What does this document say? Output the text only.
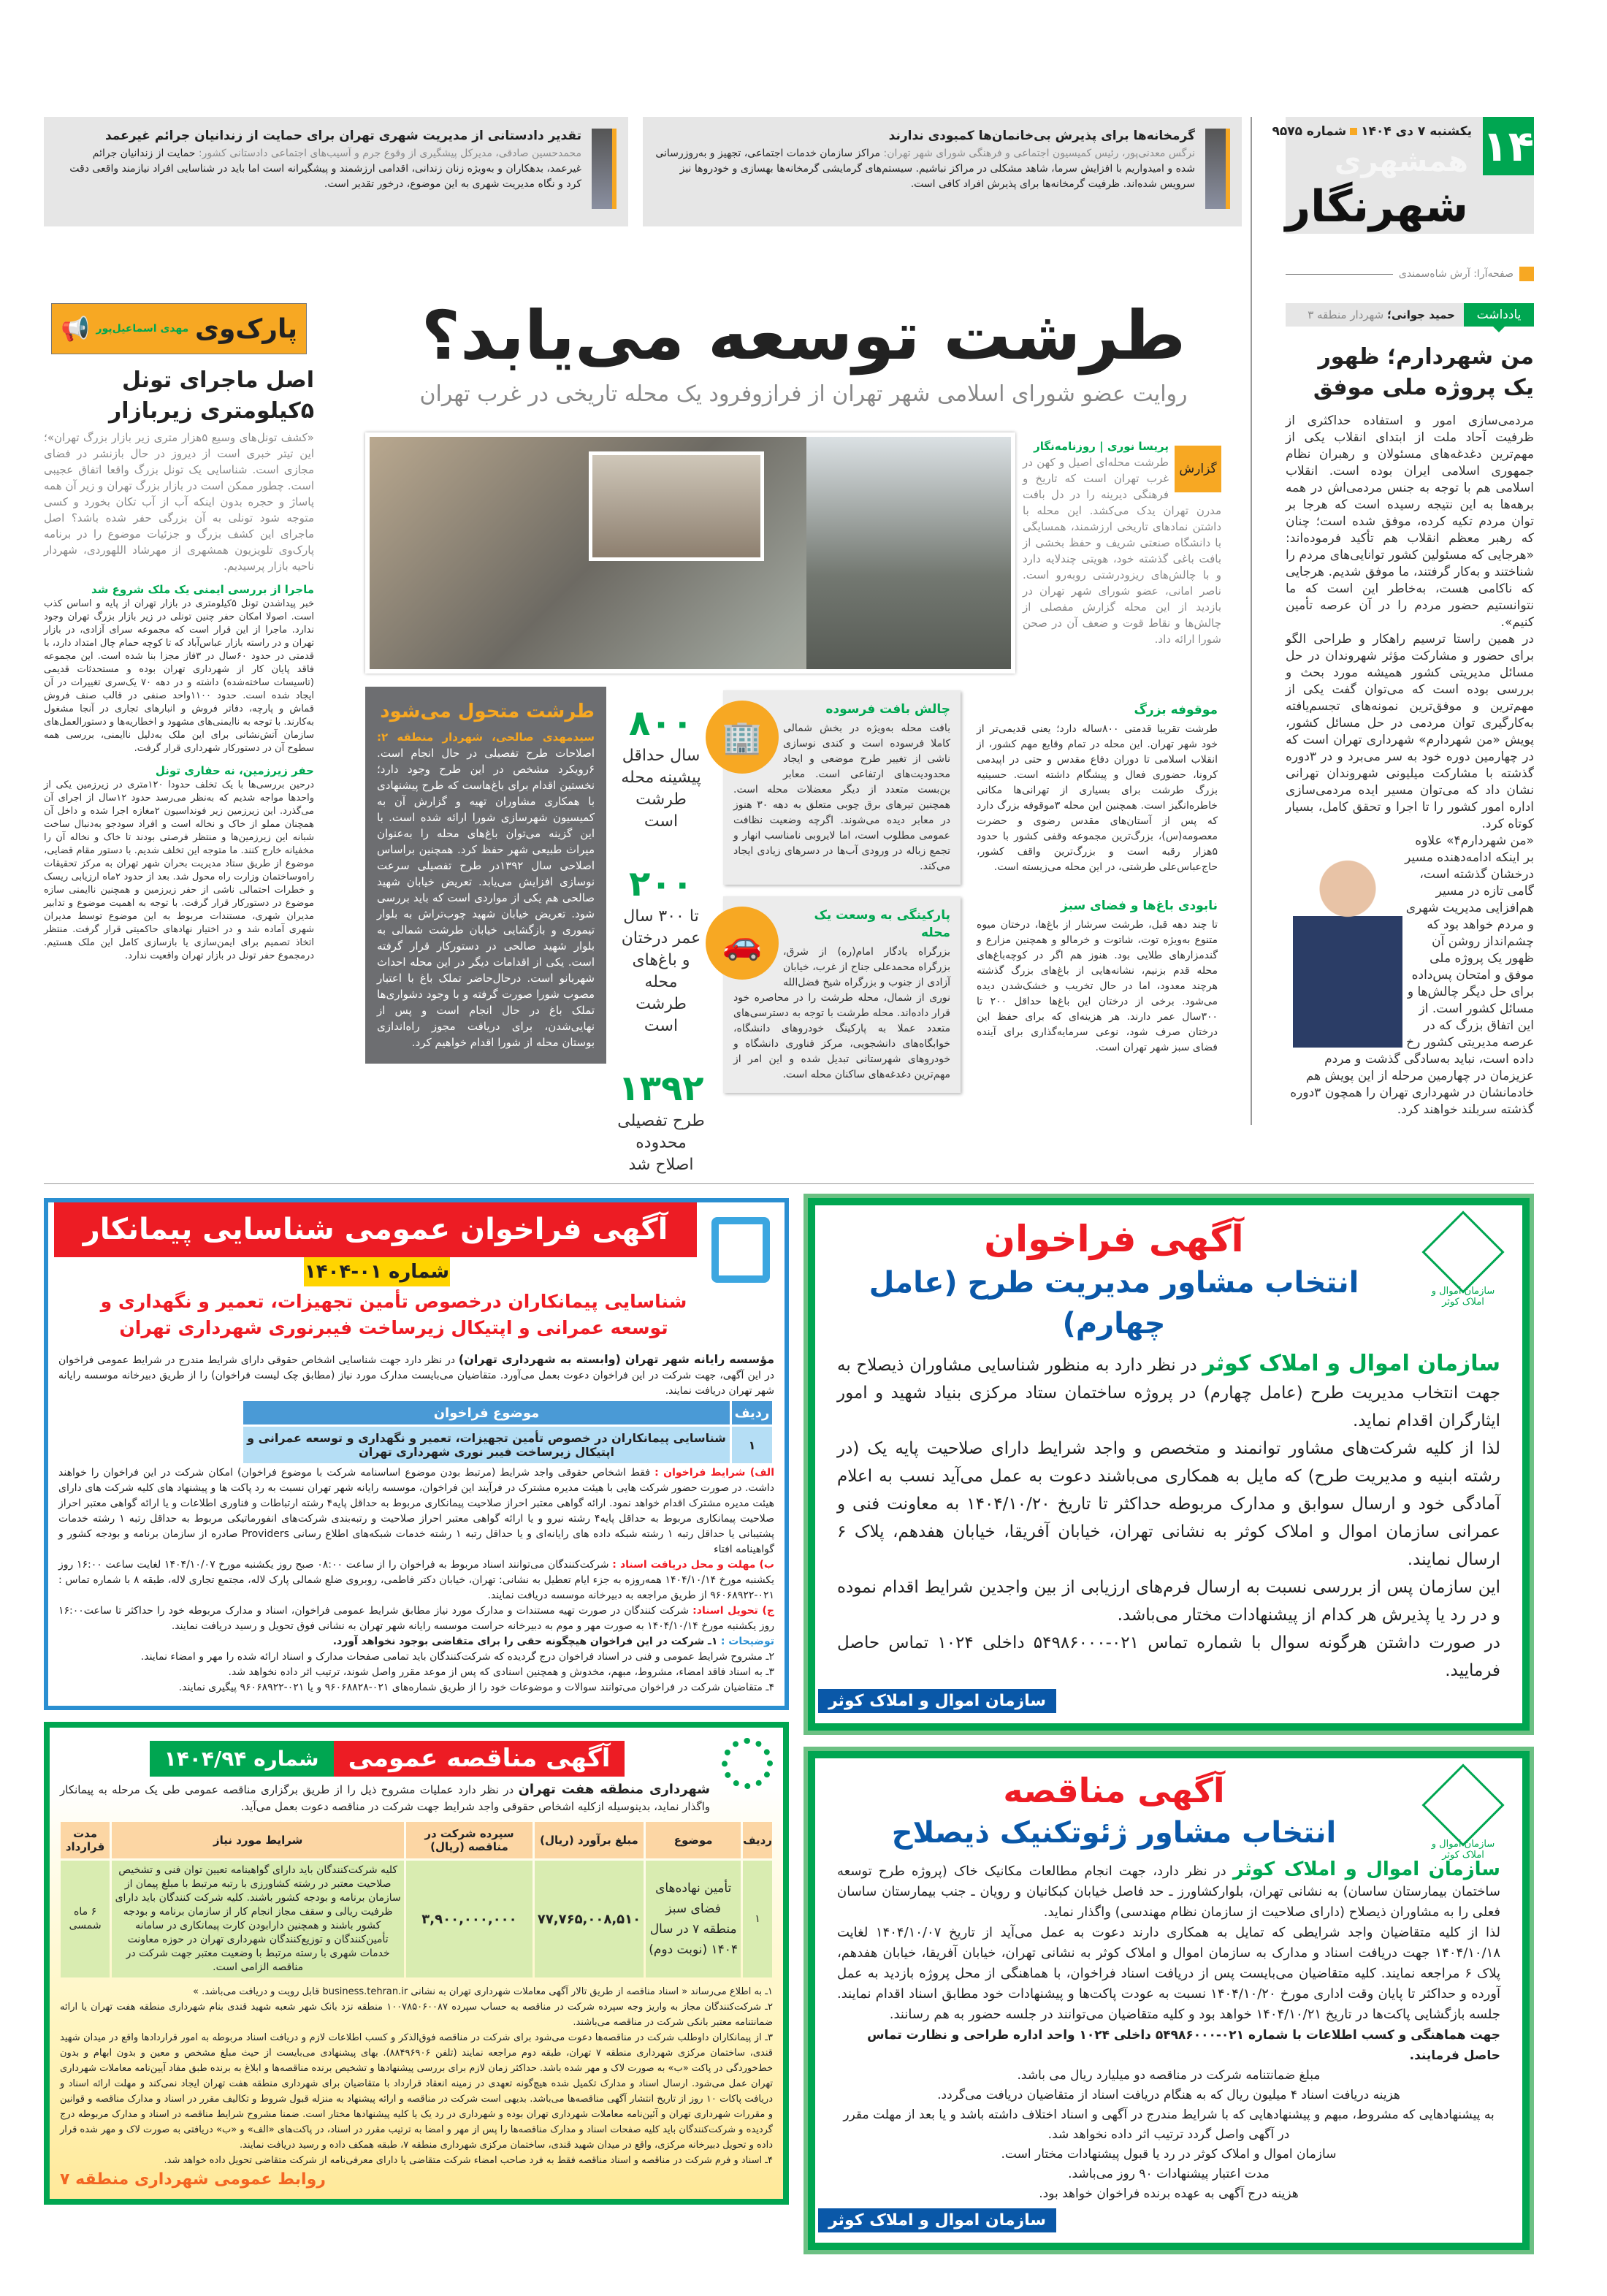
۱۴
یکشنبه ۷ دی ۱۴۰۴شماره ۹۵۷۵
همشهری
شهرنگار
صفحه‌آرا: آرش شاه‌سمندی
گرمخانه‌ها برای پذیرش بی‌خانمان‌ها کمبودی ندارند

نرگس معدنی‌پور، رئیس کمیسیون اجتماعی و فرهنگی شورای شهر تهران: مراکز سازمان خدمات اجتماعی، تجهیز و به‌روزرسانی شده و امیدواریم با افزایش سرما، شاهد مشکلی در مراکز نباشیم. سیستم‌های گرمایشی گرمخانه‌ها بهسازی و خودروها نیز سرویس شده‌اند. ظرفیت گرمخانه‌ها برای پذیرش افراد کافی است.

تقدیر دادستانی از مدیریت شهری تهران برای حمایت از زندانیان جرائم غیرعمد

محمدحسین صادقی، مدیرکل پیشگیری از وقوع جرم و آسیب‌های اجتماعی دادستانی کشور: حمایت از زندانیان جرائم غیرعمد، بدهکاران و به‌ویژه زنان زندانی، اقدامی ارزشمند و پیشگیرانه است اما باید در شناسایی افراد نیازمند واقعی دقت کرد و نگاه مدیریت شهری به این موضوع، درخور تقدیر است.

یادداشت
حمید جوانی؛ شهردار منطقه ۳
من شهردارم؛ ظهور یک پروژه ملی موفق

مردمی‌سازی امور و استفاده حداکثری از ظرفیت آحاد ملت از ابتدای انقلاب یکی از مهم‌ترین دغدغه‌های مسئولان و رهبران نظام جمهوری اسلامی ایران بوده است. انقلاب اسلامی هم با توجه به جنس مردمی‌اش در همه برهه‌ها به این نتیجه رسیده است که هرجا بر توان مردم تکیه کرده، موفق شده است؛ چنان که رهبر معظم انقلاب هم تأکید فرموده‌اند: «هرجایی که مسئولین کشور توانایی‌های مردم را شناختند و به‌کار گرفتند، ما موفق شدیم. هرجایی که ناکامی هست، به‌خاطر این است که ما نتوانستیم حضور مردم را در آن عرصه تأمین کنیم».

در همین راستا ترسیم راهکار و طراحی الگو برای حضور و مشارکت مؤثر شهروندان در حل مسائل مدیریتی کشور همیشه مورد بحث و بررسی بوده است که می‌توان گفت یکی از مهم‌ترین و موفق‌ترین نمونه‌های تجسم‌یافته به‌کارگیری توان مردمی در حل مسائل کشور، پویش «من شهردارم» شهرداری تهران است که در چهارمین دوره خود به سر می‌برد و در ۳دوره گذشته با مشارکت میلیونی شهروندان تهرانی نشان داد که می‌توان مسیر ایده مردمی‌سازی اداره امور کشور را تا اجرا و تحقق کامل، بسیار کوتاه کرد.

«من شهردارم۴» علاوه بر اینکه ادامه‌دهنده مسیر درخشان گذشته است، گامی تازه در مسیر هم‌افزایی مدیریت شهری و مردم خواهد بود که چشم‌انداز روشن آن ظهور یک پروژه ملی موفق و امتحان پس‌داده برای حل دیگر چالش‌ها و مسائل کشور است. از این اتفاق بزرگ که در عرصه مدیریتی کشور رخ داده است، نباید به‌سادگی گذشت و مردم عزیزمان در چهارمین مرحله از این پویش هم خادمانشان در شهرداری تهران را همچون ۳دوره گذشته سربلند خواهند کرد.

طرشت توسعه می‌یابد؟
روایت عضو شورای اسلامی شهر تهران از فرازوفرود یک محله تاریخی در غرب تهران
گزارش
پریسا نوری | روزنامه‌نگار

طرشت محله‌ای اصیل و کهن در غرب تهران است که تاریخ و فرهنگی دیرینه را در دل بافت مدرن تهران یدک می‌کشد. این محله با داشتن نمادهای تاریخی ارزشمند، همسایگی با دانشگاه صنعتی شریف و حفظ بخشی از بافت باغی گذشته خود، هویتی چندلایه دارد و با چالش‌های ریزودرشتی روبه‌رو است. ناصر امانی، عضو شورای شهر تهران در بازدید از این محله گزارش مفصلی از چالش‌ها و نقاط قوت و ضعف آن در صحن شورا ارائه داد.

۸۰۰
سال حداقل پیشینه محله طرشت است
۲۰۰
تا ۳۰۰ سال عمر درختان و باغ‌های محله طرشت است
۱۳۹۲
طرح تفصیلی محدوده اصلاح شد
🏢
چالش بافت فرسوده

بافت محله به‌ویژه در بخش شمالی کاملا فرسوده است و کندی نوسازی ناشی از تغییر طرح موضعی و ایجاد محدودیت‌های ارتفاعی است. معابر بن‌بست متعدد از دیگر معضلات محله است. همچنین تیرهای برق چوبی متعلق به دهه ۳۰ هنوز در معابر دیده می‌شوند. اگرچه وضعیت نظافت عمومی مطلوب است، اما لایروبی نامناسب انهار و تجمع زباله در ورودی آب‌ها در دسرهای زیادی ایجاد می‌کند.

🚗
پارکینگی به وسعت یک محله

بزرگراه یادگار امام(ره) از شرق، بزرگراه محمدعلی جناح از غرب، خیابان آزادی از جنوب و بزرگراه شیخ فضل‌الله نوری از شمال، محله طرشت را در محاصره خود قرار داده‌اند. محله طرشت با توجه به دسترسی‌های متعدد عملا به پارکینگ خودروهای دانشگاه، خوابگاه‌های دانشجویی، مرکز فناوری دانشگاه و خودروهای شهرستانی تبدیل شده و این امر از مهم‌ترین دغدغه‌های ساکنان محله است.

موقوفه بزرگ

طرشت تقریبا قدمتی ۸۰۰ساله دارد؛ یعنی قدیمی‌تر از خود شهر تهران. این محله در تمام وقایع مهم کشور، از انقلاب اسلامی تا دوران دفاع مقدس و حتی در اپیدمی کرونا، حضوری فعال و پیشگام داشته است. حسینیه بزرگ طرشت برای بسیاری از تهرانی‌ها مکانی خاطره‌انگیز است. همچنین این محله ۳موقوفه بزرگ دارد که پس از آستان‌های مقدس رضوی و حضرت معصومه(س)، بزرگ‌ترین مجموعه وقفی کشور با حدود ۵هزار رقبه است و بزرگ‌ترین واقف کشور، حاج‌عباس‌علی طرشتی، در این محله می‌زیسته است.

نابودی باغ‌ها و فضای سبز

تا چند دهه قبل، طرشت سرشار از باغ‌ها، درختان میوه متنوع به‌ویژه توت، شاتوت و خرمالو و همچنین مزارع و گندمزارهای طلایی بود. هنوز هم اگر در کوچه‌باغ‌های محله قدم بزنیم، نشانه‌هایی از باغ‌های بزرگ گذشته هرچند معدود، اما در حال تخریب و خشک‌شدن دیده می‌شود. برخی از درختان این باغ‌ها حداقل ۲۰۰ تا ۳۰۰سال عمر دارند. هر هزینه‌ای که برای حفظ این درختان صرف شود، نوعی سرمایه‌گذاری برای آینده فضای سبز شهر تهران است.

طرشت متحول می‌شود

سیدمهدی صالحی، شهردار منطقه ۲: اصلاحات طرح تفصیلی در حال انجام است. ۶رویکرد مشخص در این طرح وجود دارد؛ نخستین اقدام برای باغ‌هاست که طرح پیشنهادی با همکاری مشاوران تهیه و گزارش آن به کمیسیون شهرسازی شورا ارائه شده است. با این گزینه می‌توان باغ‌های محله را به‌عنوان میراث طبیعی شهر حفظ کرد. همچنین براساس اصلاحی سال ۱۳۹۲در طرح تفصیلی سرعت نوسازی افزایش می‌یابد. تعریض خیابان شهید صالحی هم یکی از مواردی است که باید بررسی شود. تعریض خیابان شهید چوب‌تراش به بلوار تیموری و بازگشایی خیابان طرشت شمالی به بلوار شهید صالحی در دستورکار قرار گرفته است. یکی از اقدامات دیگر در این محله احداث شهربانو است. درحال‌حاضر تملک باغ با اعتبار مصوب شورا صورت گرفته و با وجود دشواری‌ها تملک باغ در حال انجام است و پس از نهایی‌شدن، برای دریافت مجوز راه‌اندازی بوستان محله از شورا اقدام خواهیم کرد.

پارک‌وی
مهدی اسماعیل‌پور
📢
اصل ماجرای تونل ۵کیلومتری زیربازار

«کشف تونل‌های وسیع ۵هزار متری زیر بازار بزرگ تهران»؛ این تیتر خبری است از دیروز در حال بازنشر در فضای مجازی است. شناسایی یک تونل بزرگ واقعا اتفاق عجیبی است. چطور ممکن است در بازار بزرگ تهران و زیر آن همه پاساژ و حجره بدون اینکه آب از آب تکان بخورد و کسی متوجه شود تونلی به آن بزرگی حفر شده باشد؟ اصل ماجرای این کشف بزرگ و جزئیات موضوع را در برنامه پارک‌وی تلویزیون همشهری از مهرشاد اللهوردی، شهردار ناحیه بازار پرسیدیم.

ماجرا از بررسی ایمنی یک ملک شروع شد

خبر پیداشدن تونل ۵کیلومتری در بازار تهران از پایه و اساس کذب است. اصولا امکان حفر چنین تونلی در زیر بازار بزرگ تهران وجود ندارد. ماجرا از این قرار است که مجموعه سرای آزادی، در بازار تهران و در راسته بازار عباس‌آباد که تا کوچه حمام چال امتداد دارد، با قدمتی در حدود ۶۰سال در ۳فاز مجزا بنا شده است. این مجموعه فاقد پایان کار از شهرداری تهران بوده و مستحدثات قدیمی (تاسیسات ساخته‌شده) داشته و در دهه ۷۰ یک‌سری تغییرات در آن ایجاد شده است. حدود ۱۱۰۰واحد صنفی در قالب صنف فروش قماش و پارچه، دفاتر فروش و انبارهای تجاری در آنجا مشغول به‌کارند. با توجه به ناایمنی‌های مشهود و اخطاریه‌ها و دستورالعمل‌های سازمان آتش‌نشانی برای این ملک به‌دلیل ناایمنی، بررسی همه سطوح آن در دستورکار شهرداری قرار گرفت.

حفر زیرزمین، نه حفاری تونل

درحین بررسی‌ها با یک تخلف حدودا ۱۲۰متری در زیرزمین یکی از واحدها مواجه شدیم که به‌نظر می‌رسد حدود ۱۲سال از اجرای آن می‌گذرد. این زیرزمین زیر فونداسیون ۲مغازه اجرا شده و داخل آن همچنان مملو از خاک و نخاله است و افراد سودجو به‌دنبال ساخت شبانه این زیرزمین‌ها و منتظر فرصتی بودند تا خاک و نخاله آن را مخفیانه خارج کنند. ما متوجه این تخلف شدیم. با دستور مقام قضایی، موضوع از طریق ستاد مدیریت بحران شهر تهران به مرکز تحقیقات راه‌وساختمان وزارت راه محول شد. بعد از حدود ۲ماه ارزیابی ریسک و خطرات احتمالی ناشی از حفر زیرزمین و همچنین ناایمنی سازه موضوع در دستورکار قرار گرفت. با توجه به اهمیت موضوع و تدابیر مدیران شهری، مستندات مربوط به این موضوع توسط مدیران شهری آماده شد و در اختیار نهادهای حاکمیتی قرار گرفت. منتظر اتخاذ تصمیم برای ایمن‌سازی یا بازسازی کامل این ملک هستیم. درمجموع حفر تونل در بازار تهران واقعیت ندارد.

آگهی فراخوان عمومی شناسایی پیمانکار
شماره ۰۱-۱۴۰۴
شناسایی پیمانکاران درخصوص تأمین تجهیزات، تعمیر و نگهداری و توسعه عمرانی و اپتیکال زیرساخت فیبرنوری شهرداری تهران

مؤسسه رایانه شهر تهران (وابسته به شهرداری تهران) در نظر دارد جهت شناسایی اشخاص حقوقی دارای شرایط مندرج در شرایط عمومی فراخوان در این آگهی، جهت شرکت در این فراخوان دعوت بعمل می‌آورد. متقاضیان می‌بایست مدارک مورد نیاز (مطابق چک لیست فراخوان) را از طریق دبیرخانه موسسه رایانه شهر تهران دریافت نمایند.

ردیف	موضوع فراخوان
۱	شناسایی پیمانکاران در خصوص تأمین تجهیزات، تعمیر و نگهداری و توسعه عمرانی و اپتیکال زیرساخت فیبر نوری شهرداری تهران

الف) شرایط فراخوان : فقط اشخاص حقوقی واجد شرایط (مرتبط بودن موضوع اساسنامه شرکت با موضوع فراخوان) امکان شرکت در این فراخوان را خواهند داشت. در صورت حضور شرکت هایی با هیئت مدیره مشترک در فرآیند این فراخوان، موسسه رایانه شهر تهران نسبت به رد پاکت ها و پیشنهاد های کلیه شرکت های دارای هیئت مدیره مشترک اقدام خواهد نمود. ارائه گواهی معتبر احراز صلاحیت پیمانکاری مربوط به حداقل پایه۴ رشته ارتباطات و فناوری اطلاعات و یا ارائه گواهی معتبر احراز صلاحیت پیمانکاری مربوط به حداقل پایه۴ رشته نیرو و یا ارائه گواهی معتبر احراز صلاحیت و رتبه‌بندی شرکت‌های انفورماتیکی مربوط به حداقل رتبه ۱ رشته خدمات پشتیبانی یا حداقل رتبه ۱ رشته شبکه داده های رایانه‌ای و یا حداقل رتبه ۱ رشته خدمات شبکه‌های اطلاع رسانی Providers صادره از سازمان برنامه و بودجه کشور و گواهینامه افتاء

ب) مهلت و محل دریافت اسناد : شرکت‌کنندگان می‌توانند اسناد مربوط به فراخوان را از ساعت ۰۸:۰۰ صبح روز یکشنبه مورخ ۱۴۰۴/۱۰/۰۷ لغایت ساعت ۱۶:۰۰ روز یکشنبه مورخ ۱۴۰۴/۱۰/۱۴ همه‌روزه به جزء ایام تعطیل به نشانی: تهران، خیابان دکتر فاطمی، روبروی ضلع شمالی پارک لاله، مجتمع تجاری لاله، طبقه ۸ با شماره تماس : ۰۲۱-۹۶۰۶۸۹۲۲ از طریق مراجعه به دبیرخانه موسسه دریافت نمایند.

ج) تحویل اسناد: شرکت کنندگان در صورت تهیه مستندات و مدارک مورد نیاز مطابق شرایط عمومی فراخوان، اسناد و مدارک مربوطه خود را حداکثر تا ساعت۱۶:۰۰ روز یکشنبه مورخ ۱۴۰۴/۱۰/۱۴ به صورت مهر و موم به دبیرخانه حراست موسسه رایانه شهر تهران به نشانی فوق تحویل و رسید دریافت نمایند.

توضیحات : ۱ـ شرکت در این فراخوان هیچگونه حقی را برای متقاضی بوجود نخواهد آورد.

۲ـ مشروح شرایط عمومی و فنی در اسناد فراخوان درج گردیده که شرکت‌کنندگان باید تمامی صفحات مدارک و اسناد ارائه شده را مهر و امضاء نمایند.

۳ـ به اسناد فاقد امضاء، مشروط، مبهم، مخدوش و همچنین اسنادی که پس از موعد مقرر واصل شوند، ترتیب اثر داده نخواهد شد.

۴ـ متقاضیان شرکت در فراخوان می‌توانند سوالات و موضوعات خود را از طریق شماره‌های ۰۲۱-۹۶۰۶۸۸۲۸ و یا ۰۲۱-۹۶۰۶۸۹۲۲ پیگیری نمایند.

آگهی مناقصه عمومی
شماره ۱۴۰۴/۹۴

شهرداری منطقه هفت تهران در نظر دارد عملیات مشروح ذیل را از طریق برگزاری مناقصه عمومی طی یک مرحله به پیمانکار واگذار نماید، بدینوسیله ازکلیه اشخاص حقوقی واجد شرایط جهت شرکت در مناقصه دعوت بعمل می‌آید.

ردیف	موضوع	مبلغ برآورد (ریال)	سپرده شرکت در مناقصه (ریال)	شرایط مورد نیاز	مدت قرارداد
۱	تأمین نهاده‌های فضای سبز منطقه ۷ در سال ۱۴۰۴ (نوبت دوم)	۷۷,۷۶۵,۰۰۸,۵۱۰	۳,۹۰۰,۰۰۰,۰۰۰	کلیه شرکت‌کنندگان باید دارای گواهینامه تعیین توان فنی و تشخیص صلاحیت معتبر در رشته کشاورزی با رتبه مرتبط با مبلغ پیمان از سازمان برنامه و بودجه کشور باشند. کلیه شرکت کنندگان باید دارای ظرفیت ریالی و سقف مجاز انجام کار از سازمان برنامه و بودجه کشور باشند و همچنین دارابودن کارت پیمانکاری در سامانه تأمین‌کنندگان و توزیع‌کنندگان شهرداری تهران در حوزه معاونت خدمات شهری با رسته مرتبط با وضعیت معتبر جهت شرکت در مناقصه الزامی است.	۶ ماه شمسی

۱ـ به اطلاع می‌رساند « اسناد مناقصه از طریق تالار آگهی معاملات شهرداری تهران به نشانی business.tehran.ir قابل رویت و دریافت می‌باشد. »

۲ـ شرکت‌کنندگان مجاز به واریز وجه سپرده شرکت در مناقصه به حساب سپرده ۱۰۰۷۸۵۰۶۰۰۸۷ منطقه نزد بانک شهر شعبه شهید قندی بنام شهرداری منطقه هفت تهران یا ارائه ضمانتنامه معتبر بانکی شرکت در مناقصه می‌باشند.

۳ـ از پیمانکاران داوطلب شرکت در مناقصه‌ها دعوت می‌شود برای شرکت در مناقصه فوق‌الذکر و کسب اطلاعات لازم و دریافت اسناد مربوطه به امور قراردادها واقع در میدان شهید قندی، ساختمان مرکزی شهرداری منطقه ۷ تهران، طبقه دوم مراجعه نمایند (تلفن ۸۸۴۹۶۹۰۶). بهای پیشنهادی می‌بایست از حیث مبلغ مشخص و معین و بدون ابهام و بدون خط‌خوردگی در پاکت «ب» به صورت لاک و مهر شده باشد. حداکثر زمان لازم برای بررسی پیشنهادها و تشخیص برنده مناقصه‌ها و ابلاغ به برنده طبق مفاد آیین‌نامه معاملات شهرداری تهران عمل می‌شود. ارسال اسناد و مدارک تکمیل شده هیچ‌گونه تعهدی در زمینه انعقاد قرارداد با متقاضیان برای شهرداری منطقه هفت تهران ایجاد نمی‌کند و مهلت ارائه اسناد و دریافت پاکات ۱۰ روز از تاریخ انتشار آگهی مناقصه‌ها می‌باشد. بدیهی است شرکت در مناقصه و ارائه پیشنهاد به منزله قبول شروط و تکالیف مقرر در اسناد و مدارک مناقصه و قوانین و مقررات شهرداری تهران و آئین‌نامه معاملات شهرداری تهران بوده و شهرداری در رد یک یا کلیه پیشنهادها مختار است. ضمنا مشروح شرایط مناقصه در اسناد و مدارک مربوطه درج گردیده و شرکت‌کنندگان باید کلیه صفحات اسناد و مدارک مناقصه‌ها را پس از مهر و امضا به ترتیب مقرر در اسناد، در پاکت‌های «الف» و «ب» دریافتی به صورت لاک و مهر شده قرار داده و تحویل دبیرخانه مرکزی، واقع در میدان شهید قندی، ساختمان مرکزی شهرداری منطقه ۷، طبقه همکف داده و رسید دریافت نمایند.

۴ـ اسناد و فرم شرکت در مناقصه و اسناد مناقصه فقط به فرد صاحب امضاء شرکت متقاضی یا دارای معرفی‌نامه از شرکت متقاضی تحویل داده خواهد شد.

روابط عمومی شهرداری منطقه ۷

سازمان اموال و املاک کوثر
آگهی فراخوان
انتخاب مشاور مدیریت طرح (عامل چهارم)

سازمان اموال و املاک کوثر در نظر دارد به منظور شناسایی مشاوران ذیصلاح به جهت انتخاب مدیریت طرح (عامل چهارم) در پروژه ساختمان ستاد مرکزی بنیاد شهید و امور ایثارگران اقدام نماید.

لذا از کلیه شرکت‌های مشاور توانمند و متخصص و واجد شرایط دارای صلاحیت پایه یک (در رشته ابنیه و مدیریت طرح) که مایل به همکاری می‌باشند دعوت به عمل می‌آید نسب به اعلام آمادگی خود و ارسال سوابق و مدارک مربوطه حداکثر تا تاریخ ۱۴۰۴/۱۰/۲۰ به معاونت فنی و عمرانی سازمان اموال و املاک کوثر به نشانی تهران، خیابان آفریقا، خیابان هفدهم، پلاک ۶ ارسال نمایند.

این سازمان پس از بررسی نسبت به ارسال فرم‌های ارزیابی از بین واجدین شرایط اقدام نموده و در رد یا پذیرش هر کدام از پیشنهادات مختار می‌باشد.

در صورت داشتن هرگونه سوال با شماره تماس ۰۲۱-۵۴۹۸۶۰۰۰ داخلی ۱۰۲۴ تماس حاصل فرمایید.

سازمان اموال و املاک کوثر
سازمان اموال و املاک کوثر
آگهی مناقصه
انتخاب مشاور ژئوتکنیک ذیصلاح

سازمان اموال و املاک کوثر در نظر دارد، جهت انجام مطالعات مکانیک خاک (پروژه طرح توسعه ساختمان بیمارستان ساسان) به نشانی تهران، بلوارکشاورز ـ حد فاصل خیابان کبکانیان و رویان ـ جنب بیمارستان ساسان فعلی را به مشاوران ذیصلاح (دارای صلاحیت از سازمان نظام مهندسی) واگذار نماید.

لذا از کلیه متقاضیان واجد شرایطی که تمایل به همکاری دارند دعوت به عمل می‌آید از تاریخ ۱۴۰۴/۱۰/۰۷ لغایت ۱۴۰۴/۱۰/۱۸ جهت دریافت اسناد و مدارک به سازمان اموال و املاک کوثر به نشانی تهران، خیابان آفریقا، خیابان هفدهم، پلاک ۶ مراجعه نمایند. کلیه متقاضیان می‌بایست پس از دریافت اسناد فراخوان، با هماهنگی از محل پروژه بازدید به عمل آورده و حداکثر تا پایان وقت اداری مورخ ۱۴۰۴/۱۰/۲۰ نسبت به عودت پاکت‌ها و پیشنهادات خود مطابق اسناد اقدام نمایند. جلسه بازگشایی پاکت‌ها در تاریخ ۱۴۰۴/۱۰/۲۱ خواهد بود و کلیه متقاضیان می‌توانند در جلسه حضور به هم رسانند.

جهت هماهنگی و کسب اطلاعات با شماره ۰۲۱-۵۴۹۸۶۰۰۰ داخلی ۱۰۲۴ واحد اداره طراحی و نظارت تماس حاصل فرمایند.

مبلغ ضمانتنامه شرکت در مناقصه دو میلیارد ریال می باشد.
هزینه دریافت اسناد ۴ میلیون ریال که به هنگام دریافت اسناد از متقاضیان دریافت می‌گردد.
به پیشنهادهایی که مشروط، مبهم و پیشنهادهایی که با شرایط مندرج در آگهی و اسناد اختلاف داشته باشد و یا بعد از مهلت مقرر در آگهی واصل گردد ترتیب اثر داده نخواهد شد.
سازمان اموال و املاک کوثر در رد یا قبول پیشنهادات مختار است.
مدت اعتبار پیشنهادات ۹۰ روز می‌باشد.
هزینه درج آگهی به عهده برنده فراخوان خواهد بود.
سازمان اموال و املاک کوثر
